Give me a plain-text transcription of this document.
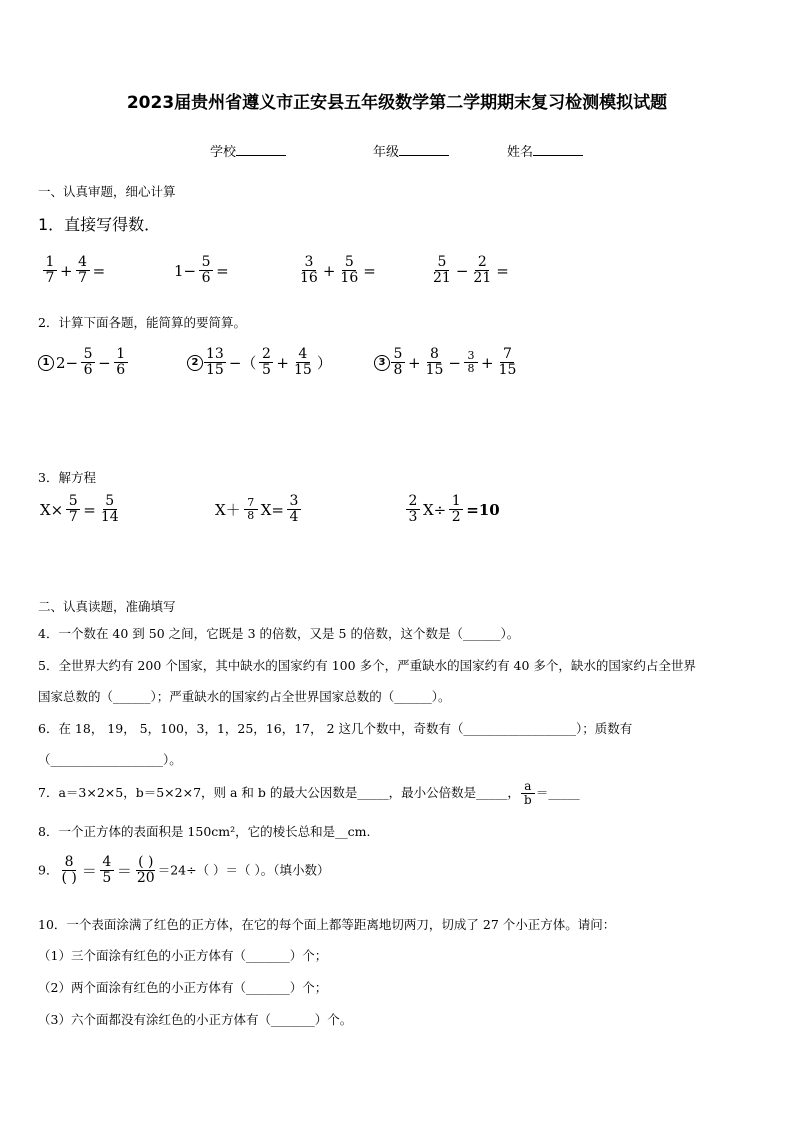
2023届贵州省遵义市正安县五年级数学第二学期期末复习检测模拟试题
学校	年级	姓名
一、认真审题，细心计算
1．直接写得数．
$\frac{1}{7} + \frac{4}{7}$ =	$1- \frac{5}{6}$ =	$\frac{3}{16} + \frac{5}{16}$ =	$\frac{5}{21} - \frac{2}{21}$ =
2．计算下面各题，能简算的要简算。
1 $2- \frac{5}{6} - \frac{1}{6}$	$2 \frac{13}{15}$ −（ $\frac{2}{5} + \frac{4}{15}$ ）	$3 \frac{5}{8} + \frac{8}{15} - \frac{3}{8} + \frac{7}{15}$
3．解方程
$X\times \frac{5}{7} = \frac{5}{14}$	$X+ \frac{7}{8} X= \frac{3}{4}$	$\frac{2}{3} X\div \frac{1}{2} =10$
二、认真读题，准确填写
4．一个数在 40 到 50 之间，它既是 3 的倍数，又是 5 的倍数，这个数是（______）。
5．全世界大约有 200 个国家，其中缺水的国家约有 100 多个，严重缺水的国家约有 40 多个，缺水的国家约占全世界
国家总数的（______）；严重缺水的国家约占全世界国家总数的（______）。
6．在 18， 19， 5，100，3，1，25，16，17， 2 这几个数中，奇数有（__________________）；质数有
（__________________）。
7．a＝3×2×5，b＝5×2×7，则 a 和 b 的最大公因数是_____，最小公倍数是_____， $\frac{a}{b}$ ＝_____
8．一个正方体的表面积是 150cm²，它的棱长总和是__cm.
9． $\frac{8}{( )} = \frac{4}{5} = \frac{( )}{20} =24\div$（ ）＝（ ）。（填小数）
10．一个表面涂满了红色的正方体，在它的每个面上都等距离地切两刀，切成了 27 个小正方体。请问：
（1）三个面涂有红色的小正方体有（_______）个；
（2）两个面涂有红色的小正方体有（_______）个；
（3）六个面都没有涂红色的小正方体有（_______）个。
